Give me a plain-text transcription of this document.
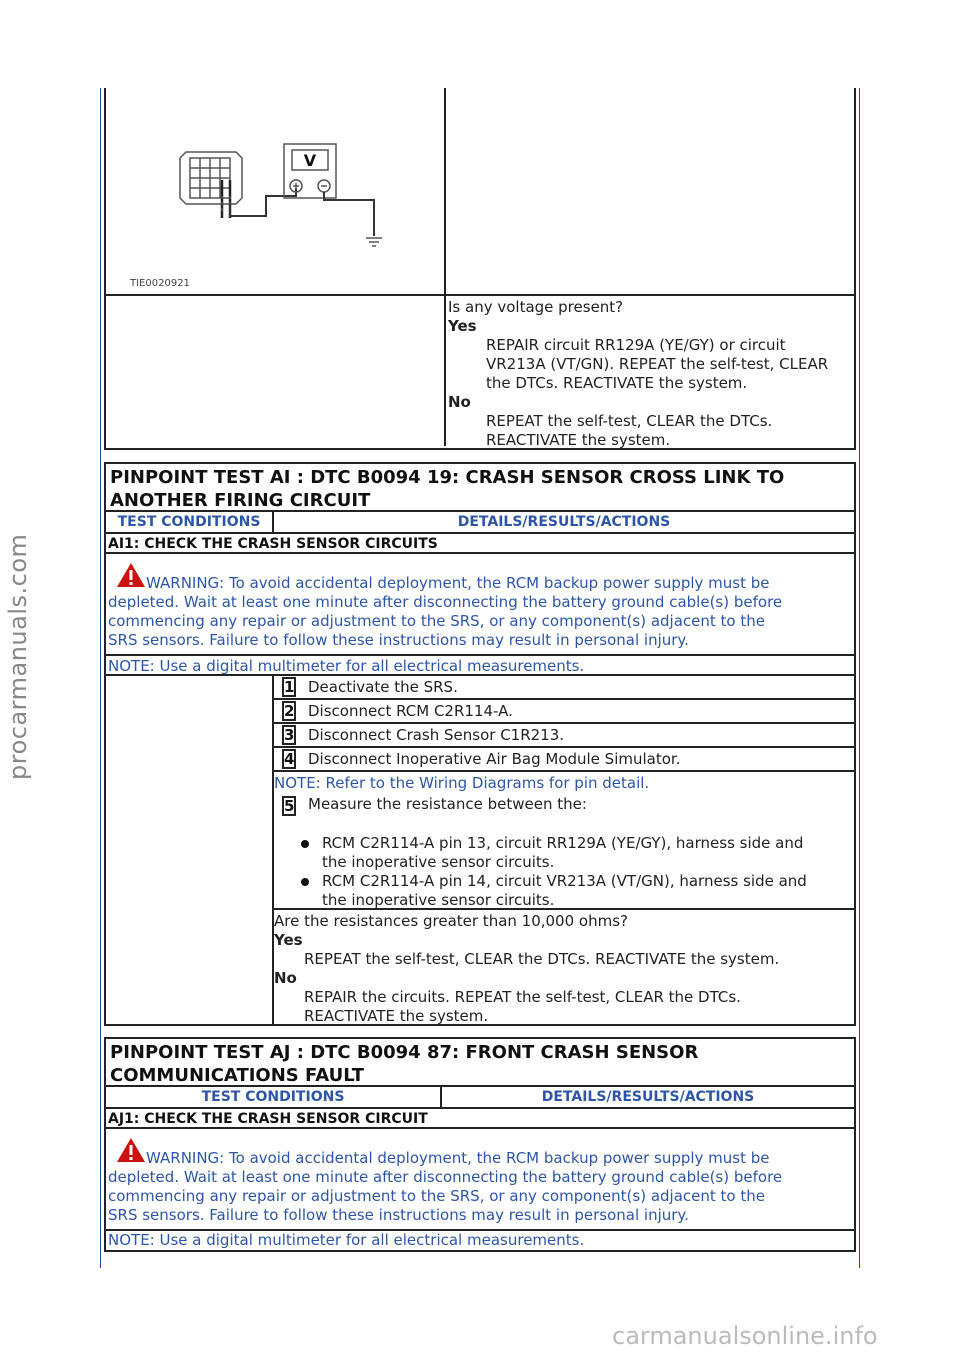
procarmanuals.com
carmanualsonline.info
V
TIE0020921
Is any voltage present?
Yes
REPAIR circuit RR129A (YE/GY) or circuit
VR213A (VT/GN). REPEAT the self-test, CLEAR
the DTCs. REACTIVATE the system.
No
REPEAT the self-test, CLEAR the DTCs.
REACTIVATE the system.
PINPOINT TEST AI : DTC B0094 19: CRASH SENSOR CROSS LINK TO
ANOTHER FIRING CIRCUIT
TEST CONDITIONS	DETAILS/RESULTS/ACTIONS
AI1: CHECK THE CRASH SENSOR CIRCUITS
WARNING: To avoid accidental deployment, the RCM backup power supply must be
depleted. Wait at least one minute after disconnecting the battery ground cable(s) before
commencing any repair or adjustment to the SRS, or any component(s) adjacent to the
SRS sensors. Failure to follow these instructions may result in personal injury.
NOTE: Use a digital multimeter for all electrical measurements.
1 Deactivate the SRS.
2 Disconnect RCM C2R114-A.
3 Disconnect Crash Sensor C1R213.
4 Disconnect Inoperative Air Bag Module Simulator.
NOTE: Refer to the Wiring Diagrams for pin detail.
5 Measure the resistance between the:
RCM C2R114-A pin 13, circuit RR129A (YE/GY), harness side and
the inoperative sensor circuits.
RCM C2R114-A pin 14, circuit VR213A (VT/GN), harness side and
the inoperative sensor circuits.
Are the resistances greater than 10,000 ohms?
Yes
REPEAT the self-test, CLEAR the DTCs. REACTIVATE the system.
No
REPAIR the circuits. REPEAT the self-test, CLEAR the DTCs.
REACTIVATE the system.
PINPOINT TEST AJ : DTC B0094 87: FRONT CRASH SENSOR
COMMUNICATIONS FAULT
TEST CONDITIONS	DETAILS/RESULTS/ACTIONS
AJ1: CHECK THE CRASH SENSOR CIRCUIT
WARNING: To avoid accidental deployment, the RCM backup power supply must be
depleted. Wait at least one minute after disconnecting the battery ground cable(s) before
commencing any repair or adjustment to the SRS, or any component(s) adjacent to the
SRS sensors. Failure to follow these instructions may result in personal injury.
NOTE: Use a digital multimeter for all electrical measurements.
